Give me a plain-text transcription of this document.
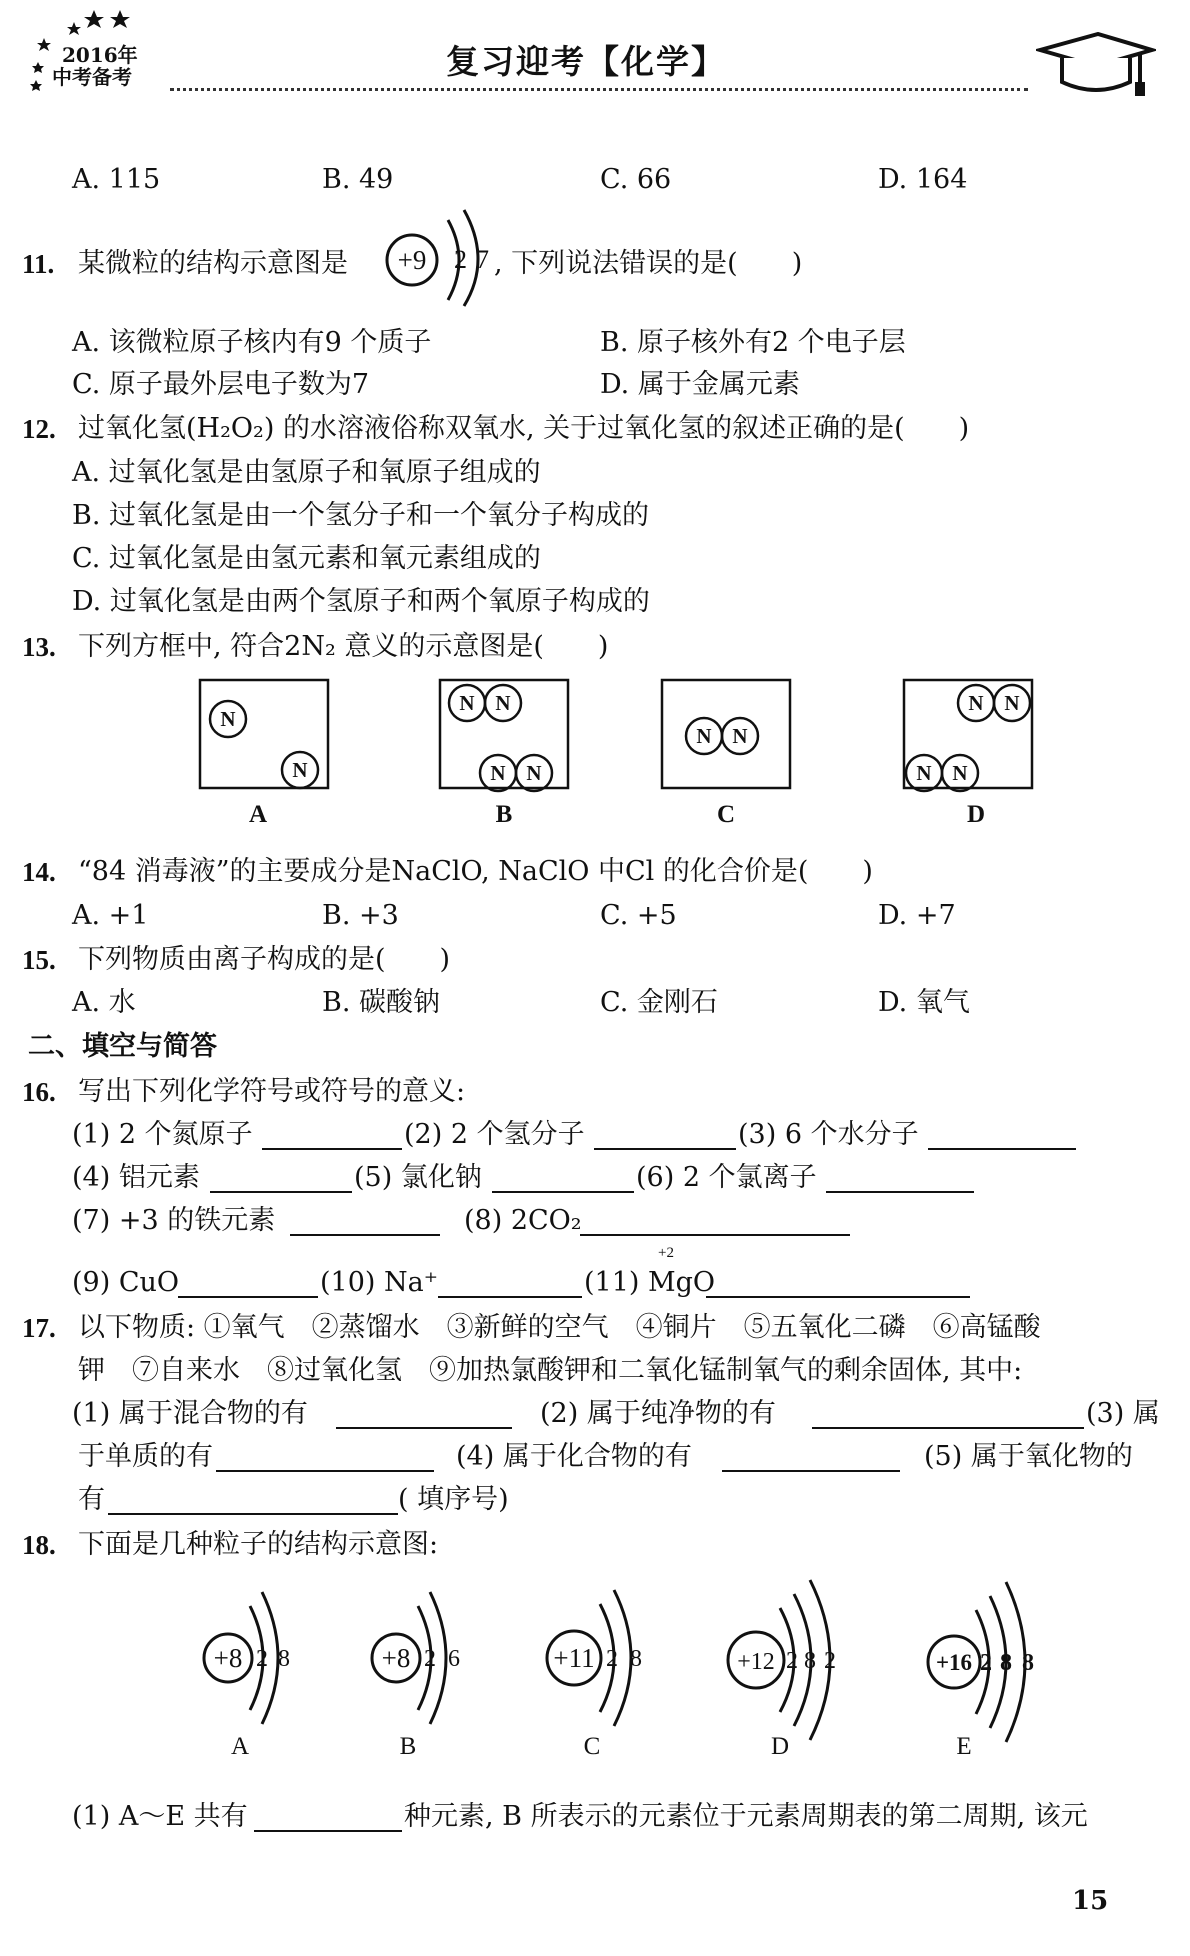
2016年
中考备考	复习迎考【化学】
A. 115	B. 49	C. 66	D. 164
11. 某微粒的结构示意图是 +9 2 7 , 下列说法错误的是(　　)
A. 该微粒原子核内有9 个质子	B. 原子核外有2 个电子层
C. 原子最外层电子数为7	D. 属于金属元素
12. 过氧化氢(H₂O₂) 的水溶液俗称双氧水, 关于过氧化氢的叙述正确的是(　　)
A. 过氧化氢是由氢原子和氧原子组成的
B. 过氧化氢是由一个氢分子和一个氧分子构成的
C. 过氧化氢是由氢元素和氧元素组成的
D. 过氧化氢是由两个氢原子和两个氧原子构成的
13. 下列方框中, 符合2N₂ 意义的示意图是(　　)
N
N
N N
N N
N N
N N
N N
A	B	C	D
14. “84 消毒液”的主要成分是NaClO, NaClO 中Cl 的化合价是(　　)
A. +1	B. +3	C. +5	D. +7
15. 下列物质由离子构成的是(　　)
A. 水	B. 碳酸钠	C. 金刚石	D. 氧气
二、填空与简答
16. 写出下列化学符号或符号的意义:
(1) 2 个氮原子	(2) 2 个氢分子	(3) 6 个水分子
(4) 铝元素	(5) 氯化钠	(6) 2 个氯离子
(7) +3 的铁元素	(8) 2CO₂
+2
(9) CuO	(10) Na⁺	(11) MgO
17. 以下物质: ①氧气　②蒸馏水　③新鲜的空气　④铜片　⑤五氧化二磷　⑥高锰酸
钾　⑦自来水　⑧过氧化氢　⑨加热氯酸钾和二氧化锰制氧气的剩余固体, 其中:
(1) 属于混合物的有	(2) 属于纯净物的有	(3) 属
于单质的有	(4) 属于化合物的有	(5) 属于氧化物的
有	( 填序号)
18. 下面是几种粒子的结构示意图:
+8	+8	+11	+12	+16
2 8	2 6	2 8	2 8 2	2 8 8
A	B	C	D	E
(1) A～E 共有	种元素, B 所表示的元素位于元素周期表的第二周期, 该元
15
